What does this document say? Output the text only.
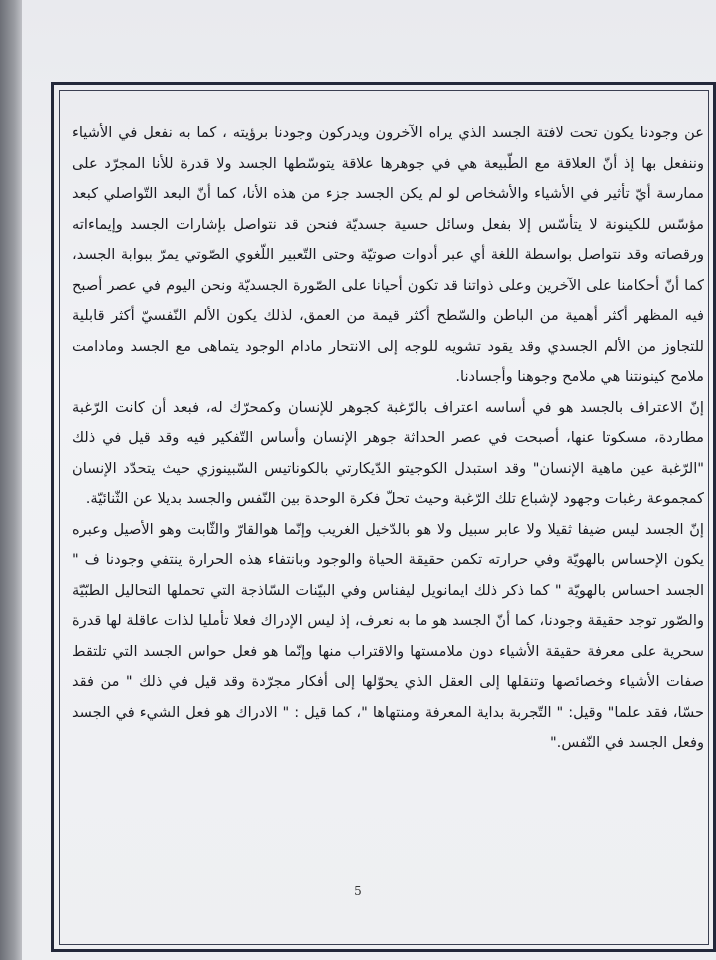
عن وجودنا يكون تحت لافتة الجسد الذي يراه الآخرون ويدركون وجودنا برؤيته ، كما به نفعل في الأشياء وننفعل بها إذ أنّ العلاقة مع الطّبيعة هي في جوهرها علاقة يتوسّطها الجسد ولا قدرة للأنا المجرّد على ممارسة أيّ تأثير في الأشياء والأشخاص لو لم يكن الجسد جزء من هذه الأنا، كما أنّ البعد التّواصلي كبعد مؤسّس للكينونة لا يتأسّس إلا بفعل وسائل حسية جسديّة فنحن قد نتواصل بإشارات الجسد وإيماءاته ورقصاته وقد نتواصل بواسطة اللغة أي عبر أدوات صوتيّة وحتى التّعبير اللّغوي الصّوتي يمرّ ببوابة الجسد، كما أنّ أحكامنا على الآخرين وعلى ذواتنا قد تكون أحيانا على الصّورة الجسديّة ونحن اليوم في عصر أصبح فيه المظهر أكثر أهمية من الباطن والسّطح أكثر قيمة من العمق، لذلك يكون الألم النّفسيّ أكثر قابلية للتجاوز من الألم الجسدي وقد يقود تشويه للوجه إلى الانتحار مادام الوجود يتماهى مع الجسد ومادامت ملامح كينونتنا هي ملامح وجوهنا وأجسادنا.

إنّ الاعتراف بالجسد هو في أساسه اعتراف بالرّغبة كجوهر للإنسان وكمحرّك له، فبعد أن كانت الرّغبة مطاردة، مسكوتا عنها، أصبحت في عصر الحداثة جوهر الإنسان وأساس التّفكير فيه وقد قيل في ذلك "الرّغبة عين ماهية الإنسان" وقد استبدل الكوجيتو الدّيكارتي بالكوناتيس السّبينوزي حيث يتحدّد الإنسان كمجموعة رغبات وجهود لإشباع تلك الرّغبة وحيث تحلّ فكرة الوحدة بين النّفس والجسد بديلا عن الثّنائيّة.

إنّ الجسد ليس ضيفا ثقيلا ولا عابر سبيل ولا هو بالدّخيل الغريب وإنّما هوالقارّ والثّابت وهو الأصيل وعبره يكون الإحساس بالهويّة وفي حرارته تكمن حقيقة الحياة والوجود وبانتفاء هذه الحرارة ينتفي وجودنا ف " الجسد احساس بالهويّة " كما ذكر ذلك ايمانويل ليفناس وفي البيّنات السّاذجة التي تحملها التحاليل الطبّيّة والصّور توجد حقيقة وجودنا، كما أنّ الجسد هو ما به نعرف، إذ ليس الإدراك فعلا تأمليا لذات عاقلة لها قدرة سحرية على معرفة حقيقة الأشياء دون ملامستها والاقتراب منها وإنّما هو فعل حواس الجسد التي تلتقط صفات الأشياء وخصائصها وتنقلها إلى العقل الذي يحوّلها إلى أفكار مجرّدة وقد قيل في ذلك " من فقد حسّا، فقد علما" وقيل: " التّجربة بداية المعرفة ومنتهاها "، كما قيل : " الادراك هو فعل الشيء في الجسد وفعل الجسد في النّفس."

5
